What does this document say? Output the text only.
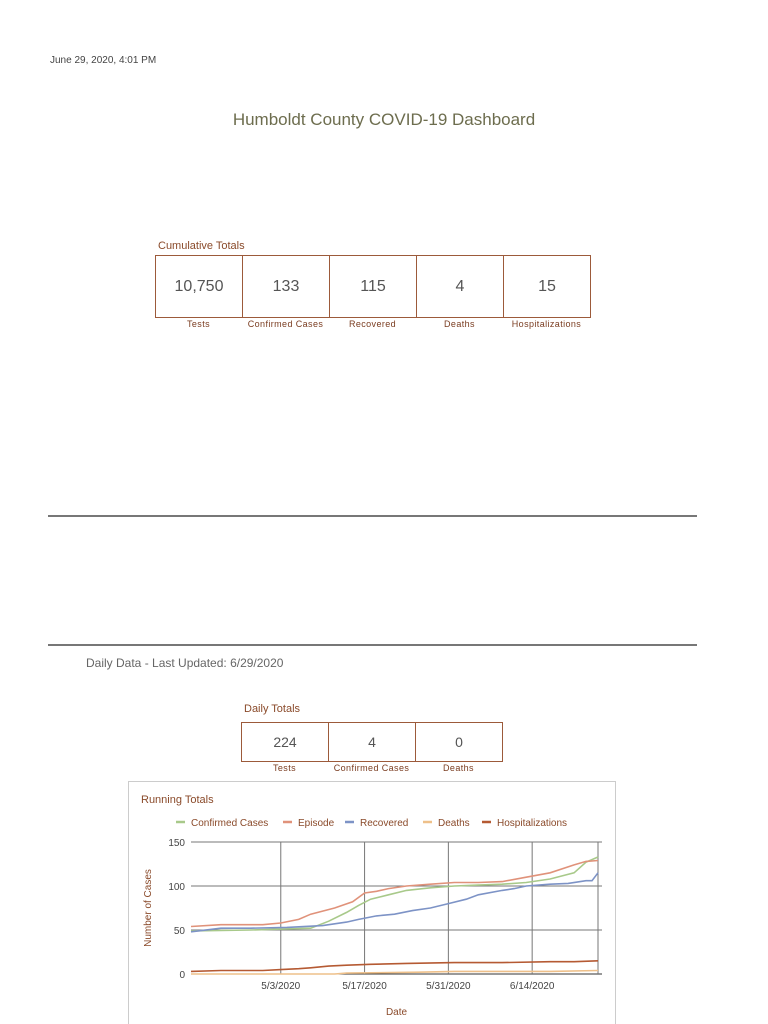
June 29, 2020, 4:01 PM
Humboldt County COVID-19 Dashboard
Cumulative Totals
10,750	133	115	4	15
Tests	Confirmed Cases	Recovered	Deaths	Hospitalizations
Daily Data - Last Updated: 6/29/2020
Daily Totals
224	4	0
Tests	Confirmed Cases	Deaths
Running Totals
0
50
100
150
5/3/2020	5/17/2020	5/31/2020	6/14/2020
Date
Number of Cases
Confirmed Cases	Episode	Recovered	Deaths	Hospitalizations
